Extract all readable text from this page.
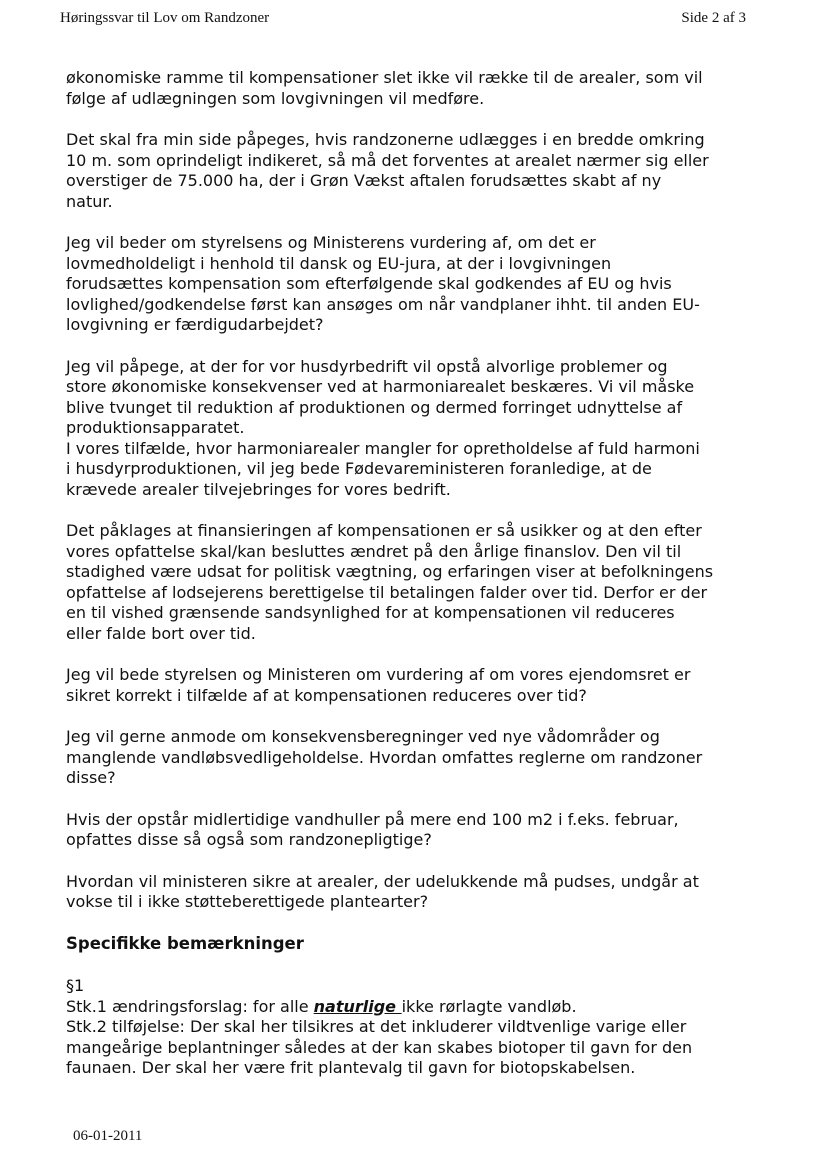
Høringssvar til Lov om Randzoner	Side 2 af 3
økonomiske ramme til kompensationer slet ikke vil række til de arealer, som vil
følge af udlægningen som lovgivningen vil medføre.
Det skal fra min side påpeges, hvis randzonerne udlægges i en bredde omkring
10 m. som oprindeligt indikeret, så må det forventes at arealet nærmer sig eller
overstiger de 75.000 ha, der i Grøn Vækst aftalen forudsættes skabt af ny
natur.
Jeg vil beder om styrelsens og Ministerens vurdering af, om det er
lovmedholdeligt i henhold til dansk og EU-jura, at der i lovgivningen
forudsættes kompensation som efterfølgende skal godkendes af EU og hvis
lovlighed/godkendelse først kan ansøges om når vandplaner ihht. til anden EU-
lovgivning er færdigudarbejdet?
Jeg vil påpege, at der for vor husdyrbedrift vil opstå alvorlige problemer og
store økonomiske konsekvenser ved at harmoniarealet beskæres. Vi vil måske
blive tvunget til reduktion af produktionen og dermed forringet udnyttelse af
produktionsapparatet.
I vores tilfælde, hvor harmoniarealer mangler for opretholdelse af fuld harmoni
i husdyrproduktionen, vil jeg bede Fødevareministeren foranledige, at de
krævede arealer tilvejebringes for vores bedrift.
Det påklages at finansieringen af kompensationen er så usikker og at den efter
vores opfattelse skal/kan besluttes ændret på den årlige finanslov. Den vil til
stadighed være udsat for politisk vægtning, og erfaringen viser at befolkningens
opfattelse af lodsejerens berettigelse til betalingen falder over tid. Derfor er der
en til vished grænsende sandsynlighed for at kompensationen vil reduceres
eller falde bort over tid.
Jeg vil bede styrelsen og Ministeren om vurdering af om vores ejendomsret er
sikret korrekt i tilfælde af at kompensationen reduceres over tid?
Jeg vil gerne anmode om konsekvensberegninger ved nye vådområder og
manglende vandløbsvedligeholdelse. Hvordan omfattes reglerne om randzoner
disse?
Hvis der opstår midlertidige vandhuller på mere end 100 m2 i f.eks. februar,
opfattes disse så også som randzonepligtige?
Hvordan vil ministeren sikre at arealer, der udelukkende må pudses, undgår at
vokse til i ikke støtteberettigede plantearter?
Specifikke bemærkninger
§1
Stk.1 ændringsforslag: for alle naturlige ikke rørlagte vandløb.
Stk.2 tilføjelse: Der skal her tilsikres at det inkluderer vildtvenlige varige eller
mangeårige beplantninger således at der kan skabes biotoper til gavn for den
faunaen. Der skal her være frit plantevalg til gavn for biotopskabelsen.
06-01-2011
